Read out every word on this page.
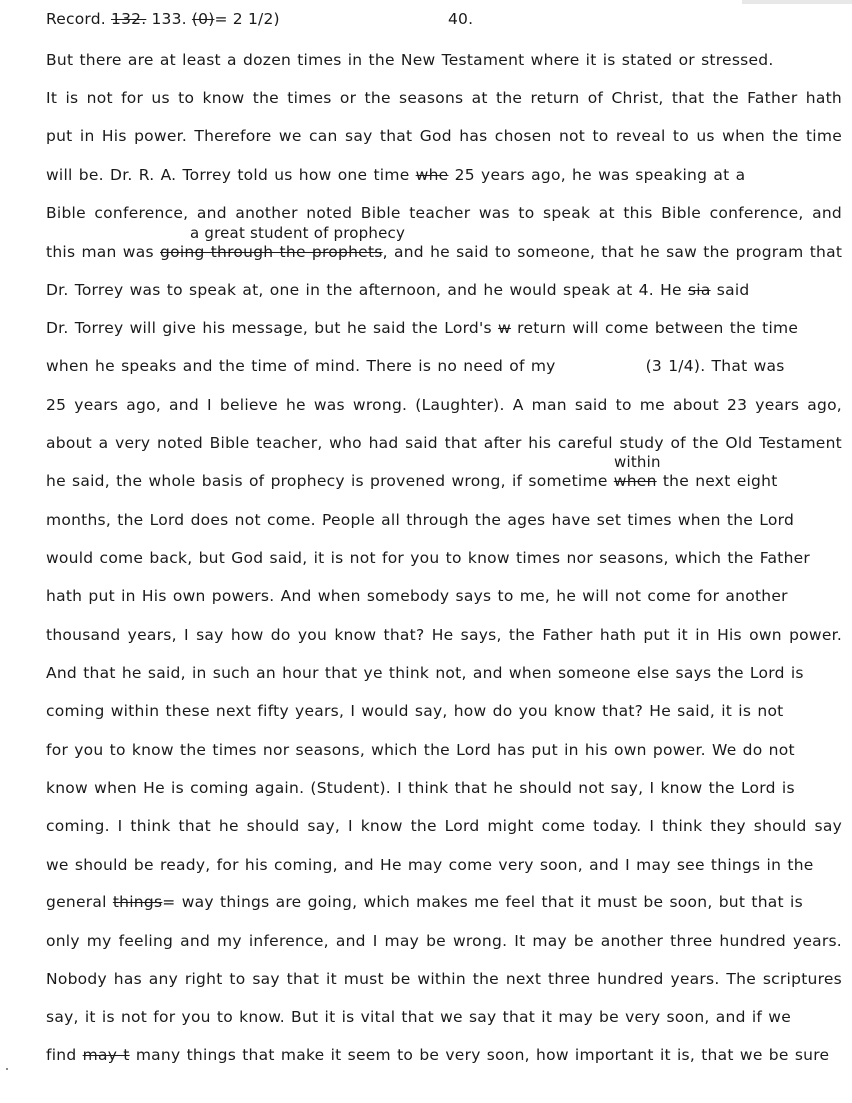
Record. 132. 133. (0)= 2 1/2)	40.
But there are at least a dozen times in the New Testament where it is stated or stressed.
It is not for us to know the times or the seasons at the return of Christ, that the Father hath
put in His power. Therefore we can say that God has chosen not to reveal to us when the time
will be. Dr. R. A. Torrey told us how one time whe 25 years ago, he was speaking at a
Bible conference, and another noted Bible teacher was to speak at this Bible conference, and
a great student of prophecy
this man was going through the prophets, and he said to someone, that he saw the program that
Dr. Torrey was to speak at, one in the afternoon, and he would speak at 4. He sia said
Dr. Torrey will give his message, but he said the Lord's w return will come between the time
when he speaks and the time of mind. There is no need of my	(3 1/4). That was
25 years ago, and I believe he was wrong. (Laughter). A man said to me about 23 years ago,
about a very noted Bible teacher, who had said that after his careful study of the Old Testament
within
he said, the whole basis of prophecy is provened wrong, if sometime when the next eight
months, the Lord does not come. People all through the ages have set times when the Lord
would come back, but God said, it is not for you to know times nor seasons, which the Father
hath put in His own powers. And when somebody says to me, he will not come for another
thousand years, I say how do you know that? He says, the Father hath put it in His own power.
And that he said, in such an hour that ye think not, and when someone else says the Lord is
coming within these next fifty years, I would say, how do you know that? He said, it is not
for you to know the times nor seasons, which the Lord has put in his own power. We do not
know when He is coming again. (Student). I think that he should not say, I know the Lord is
coming. I think that he should say, I know the Lord might come today. I think they should say
we should be ready, for his coming, and He may come very soon, and I may see things in the
general things= way things are going, which makes me feel that it must be soon, but that is
only my feeling and my inference, and I may be wrong. It may be another three hundred years.
Nobody has any right to say that it must be within the next three hundred years. The scriptures
say, it is not for you to know. But it is vital that we say that it may be very soon, and if we
find may t many things that make it seem to be very soon, how important it is, that we be sure
